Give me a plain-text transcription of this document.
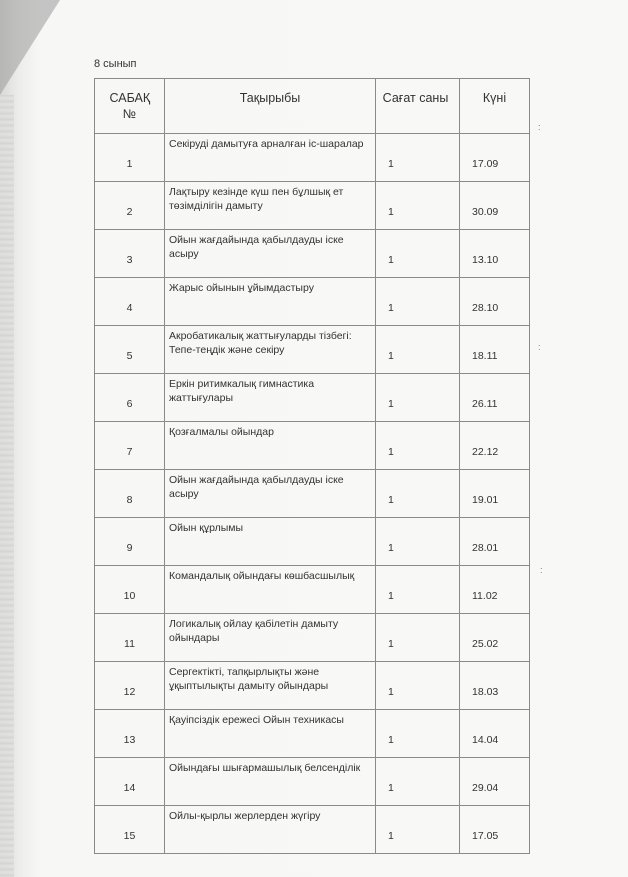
8 сынып
САБАҚ №	Тақырыбы	Сағат саны	Күні
1	Секіруді дамытуға арналған іс-шаралар	1	17.09
2	Лақтыру кезінде күш пен бұлшық ет төзімділігін дамыту	1	30.09
3	Ойын жағдайында қабылдауды іске асыру	1	13.10
4	Жарыс ойынын ұйымдастыру	1	28.10
5	Акробатикалық жаттығуларды тізбегі: Тепе-теңдік және секіру	1	18.11
6	Еркін ритимкалық гимнастика жаттығулары	1	26.11
7	Қозғалмалы ойындар	1	22.12
8	Ойын жағдайында қабылдауды іске асыру	1	19.01
9	Ойын құрлымы	1	28.01
10	Командалық ойындағы көшбасшылық	1	11.02
11	Логикалық ойлау қабілетін дамыту ойындары	1	25.02
12	Сергектікті, тапқырлықты және ұқыптылықты дамыту ойындары	1	18.03
13	Қауіпсіздік ережесі Ойын техникасы	1	14.04
14	Ойындағы шығармашылық белсенділік	1	29.04
15	Ойлы-қырлы жерлерден жүгіру	1	17.05
:
:
:
